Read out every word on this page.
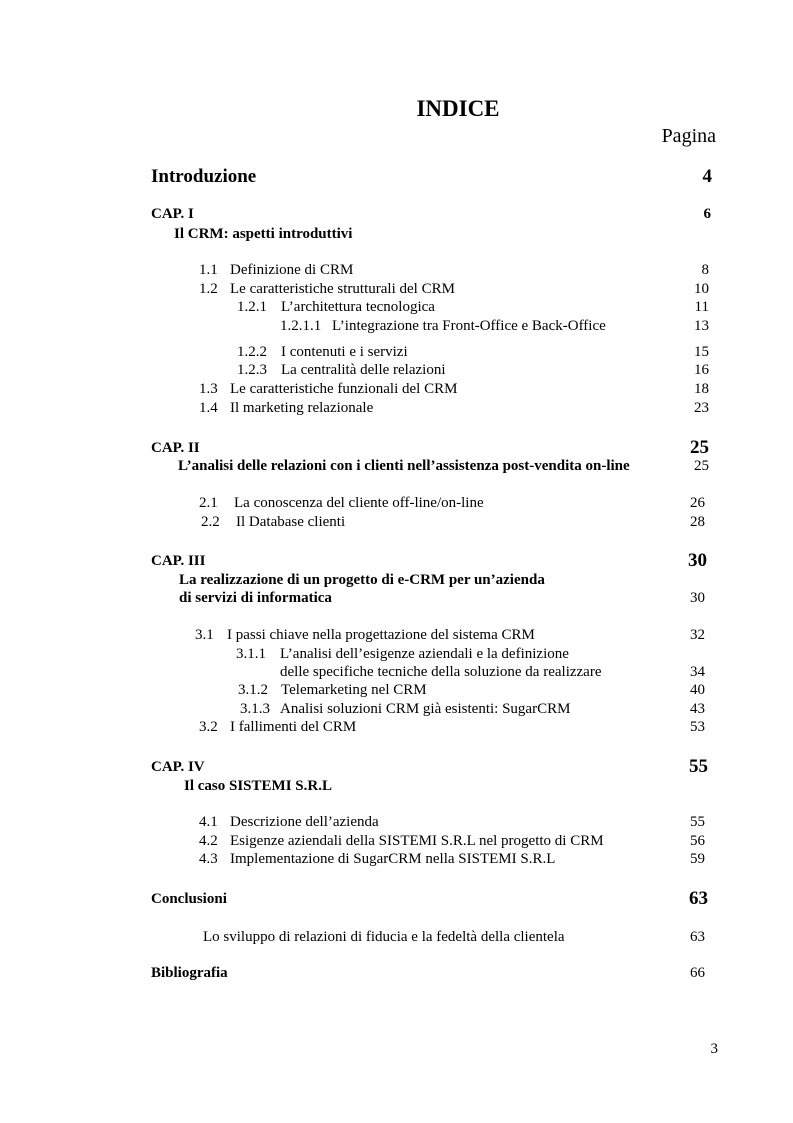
INDICE
Pagina
Introduzione	4
CAP. I	6
Il CRM: aspetti introduttivi
1.1 Definizione di CRM	8
1.2 Le caratteristiche strutturali del CRM	10
1.2.1 L’architettura tecnologica	11
1.2.1.1 L’integrazione tra Front-Office e Back-Office	13
1.2.2 I contenuti e i servizi	15
1.2.3 La centralità delle relazioni	16
1.3 Le caratteristiche funzionali del CRM	18
1.4 Il marketing relazionale	23
CAP. II	25
L’analisi delle relazioni con i clienti nell’assistenza post-vendita on-line	25
2.1 La conoscenza del cliente off-line/on-line	26
2.2 Il Database clienti	28
CAP. III	30
La realizzazione di un progetto di e-CRM per un’azienda
di servizi di informatica	30
3.1 I passi chiave nella progettazione del sistema CRM	32
3.1.1 L’analisi dell’esigenze aziendali e la definizione
delle specifiche tecniche della soluzione da realizzare	34
3.1.2 Telemarketing nel CRM	40
3.1.3 Analisi soluzioni CRM già esistenti: SugarCRM	43
3.2 I fallimenti del CRM	53
CAP. IV	55
Il caso SISTEMI S.R.L
4.1 Descrizione dell’azienda	55
4.2 Esigenze aziendali della SISTEMI S.R.L nel progetto di CRM	56
4.3 Implementazione di SugarCRM nella SISTEMI S.R.L	59
Conclusioni	63
Lo sviluppo di relazioni di fiducia e la fedeltà della clientela	63
Bibliografia	66
3
